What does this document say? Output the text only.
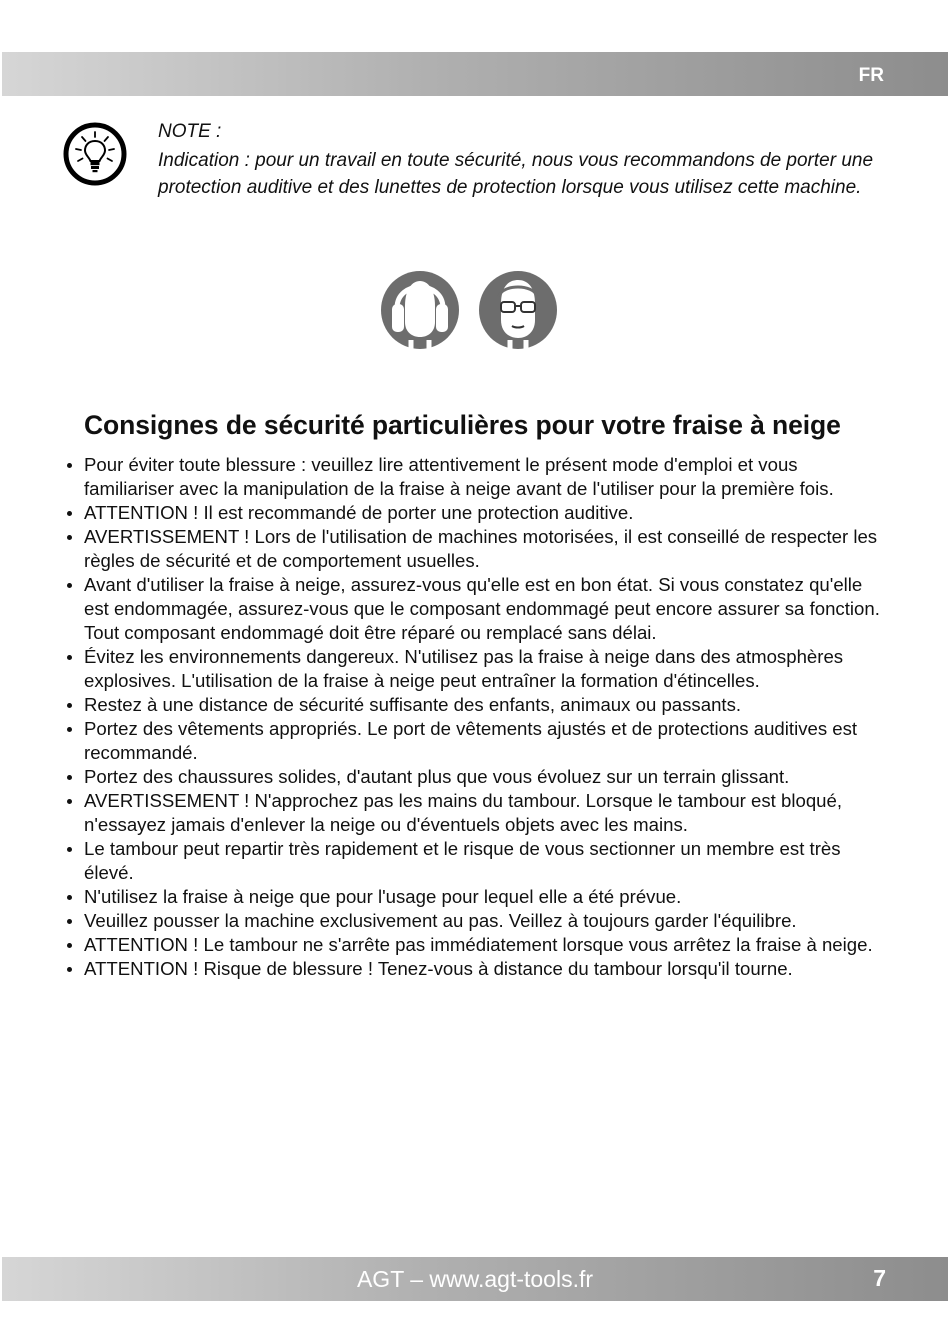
FR
NOTE :
Indication : pour un travail en toute sécurité, nous vous recommandons de porter une protection auditive et des lunettes de protection lorsque vous utilisez cette machine.
Consignes de sécurité particulières pour votre fraise à neige
Pour éviter toute blessure : veuillez lire attentivement le présent mode d'emploi et vous familiariser avec la manipulation de la fraise à neige avant de l'utiliser pour la première fois.
ATTENTION ! Il est recommandé de porter une protection auditive.
AVERTISSEMENT ! Lors de l'utilisation de machines motorisées, il est conseillé de respecter les règles de sécurité et de comportement usuelles.
Avant d'utiliser la fraise à neige, assurez-vous qu'elle est en bon état. Si vous constatez qu'elle est endommagée, assurez-vous que le composant endommagé peut encore assurer sa fonction. Tout composant endommagé doit être réparé ou remplacé sans délai.
Évitez les environnements dangereux. N'utilisez pas la fraise à neige dans des atmosphères explosives. L'utilisation de la fraise à neige peut entraîner la formation d'étincelles.
Restez à une distance de sécurité suffisante des enfants, animaux ou passants.
Portez des vêtements appropriés. Le port de vêtements ajustés et de protections auditives est recommandé.
Portez des chaussures solides, d'autant plus que vous évoluez sur un terrain glissant.
AVERTISSEMENT ! N'approchez pas les mains du tambour. Lorsque le tambour est bloqué, n'essayez jamais d'enlever la neige ou d'éventuels objets avec les mains.
Le tambour peut repartir très rapidement et le risque de vous sectionner un membre est très élevé.
N'utilisez la fraise à neige que pour l'usage pour lequel elle a été prévue.
Veuillez pousser la machine exclusivement au pas. Veillez à toujours garder l'équilibre.
ATTENTION ! Le tambour ne s'arrête pas immédiatement lorsque vous arrêtez la fraise à neige.
ATTENTION ! Risque de blessure ! Tenez-vous à distance du tambour lorsqu'il tourne.
AGT – www.agt-tools.fr	7
